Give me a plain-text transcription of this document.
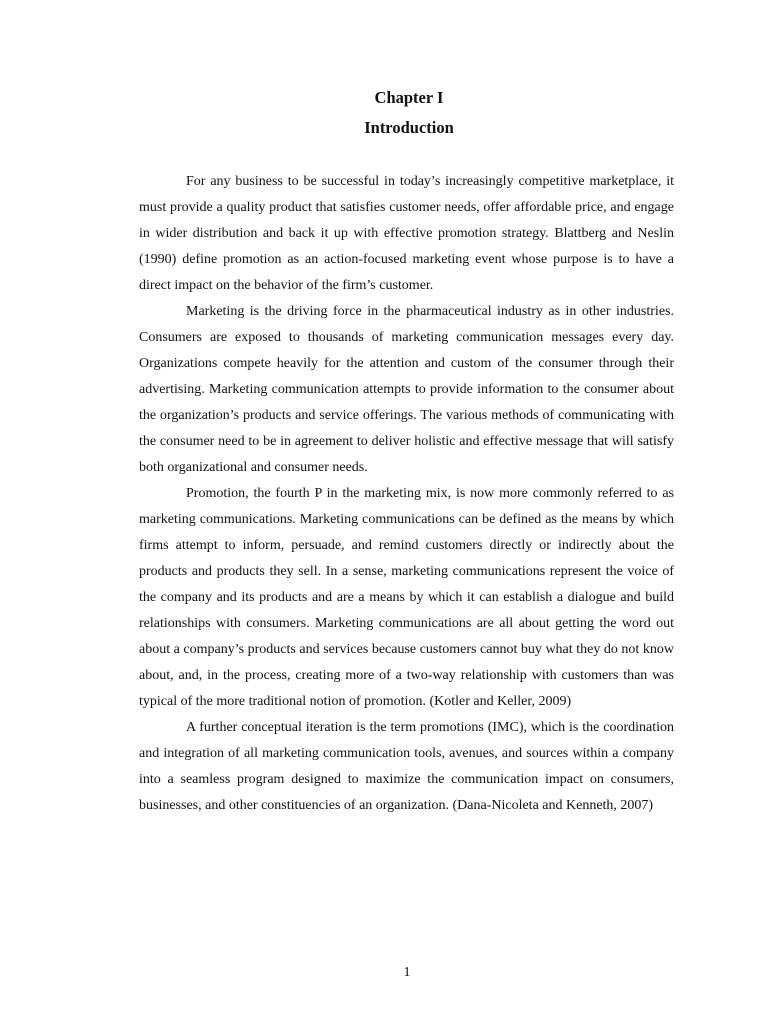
Chapter I
Introduction

For any business to be successful in today’s increasingly competitive marketplace, it must provide a quality product that satisfies customer needs, offer affordable price, and engage in wider distribution and back it up with effective promotion strategy. Blattberg and Neslin (1990) define promotion as an action-focused marketing event whose purpose is to have a direct impact on the behavior of the firm’s customer.

Marketing is the driving force in the pharmaceutical industry as in other industries. Consumers are exposed to thousands of marketing communication messages every day. Organizations compete heavily for the attention and custom of the consumer through their advertising. Marketing communication attempts to provide information to the consumer about the organization’s products and service offerings. The various methods of communicating with the consumer need to be in agreement to deliver holistic and effective message that will satisfy both organizational and consumer needs.

Promotion, the fourth P in the marketing mix, is now more commonly referred to as marketing communications. Marketing communications can be defined as the means by which firms attempt to inform, persuade, and remind customers directly or indirectly about the products and products they sell. In a sense, marketing communications represent the voice of the company and its products and are a means by which it can establish a dialogue and build relationships with consumers. Marketing communications are all about getting the word out about a company’s products and services because customers cannot buy what they do not know about, and, in the process, creating more of a two-way relationship with customers than was typical of the more traditional notion of promotion. (Kotler and Keller, 2009)

A further conceptual iteration is the term promotions (IMC), which is the coordination and integration of all marketing communication tools, avenues, and sources within a company into a seamless program designed to maximize the communication impact on consumers, businesses, and other constituencies of an organization. (Dana-Nicoleta and Kenneth, 2007)

1
